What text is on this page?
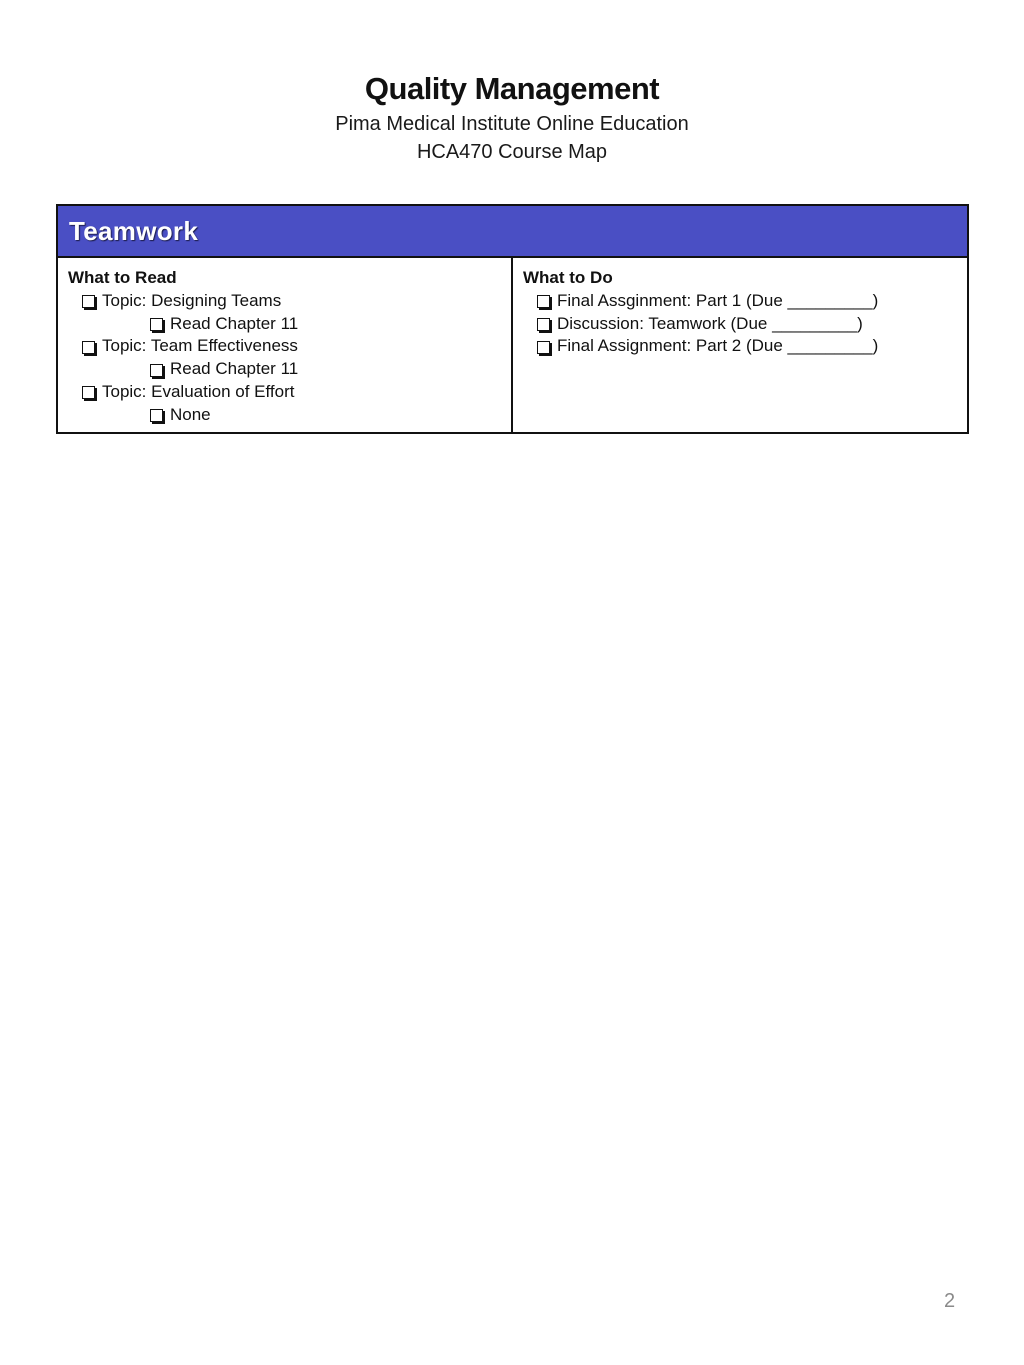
Quality Management
Pima Medical Institute Online Education
HCA470 Course Map
Teamwork
What to Read
Topic: Designing Teams
Read Chapter 11
Topic: Team Effectiveness
Read Chapter 11
Topic: Evaluation of Effort
None
What to Do
Final Assginment: Part 1 (Due _________)
Discussion: Teamwork (Due _________)
Final Assignment: Part 2 (Due _________)
2
